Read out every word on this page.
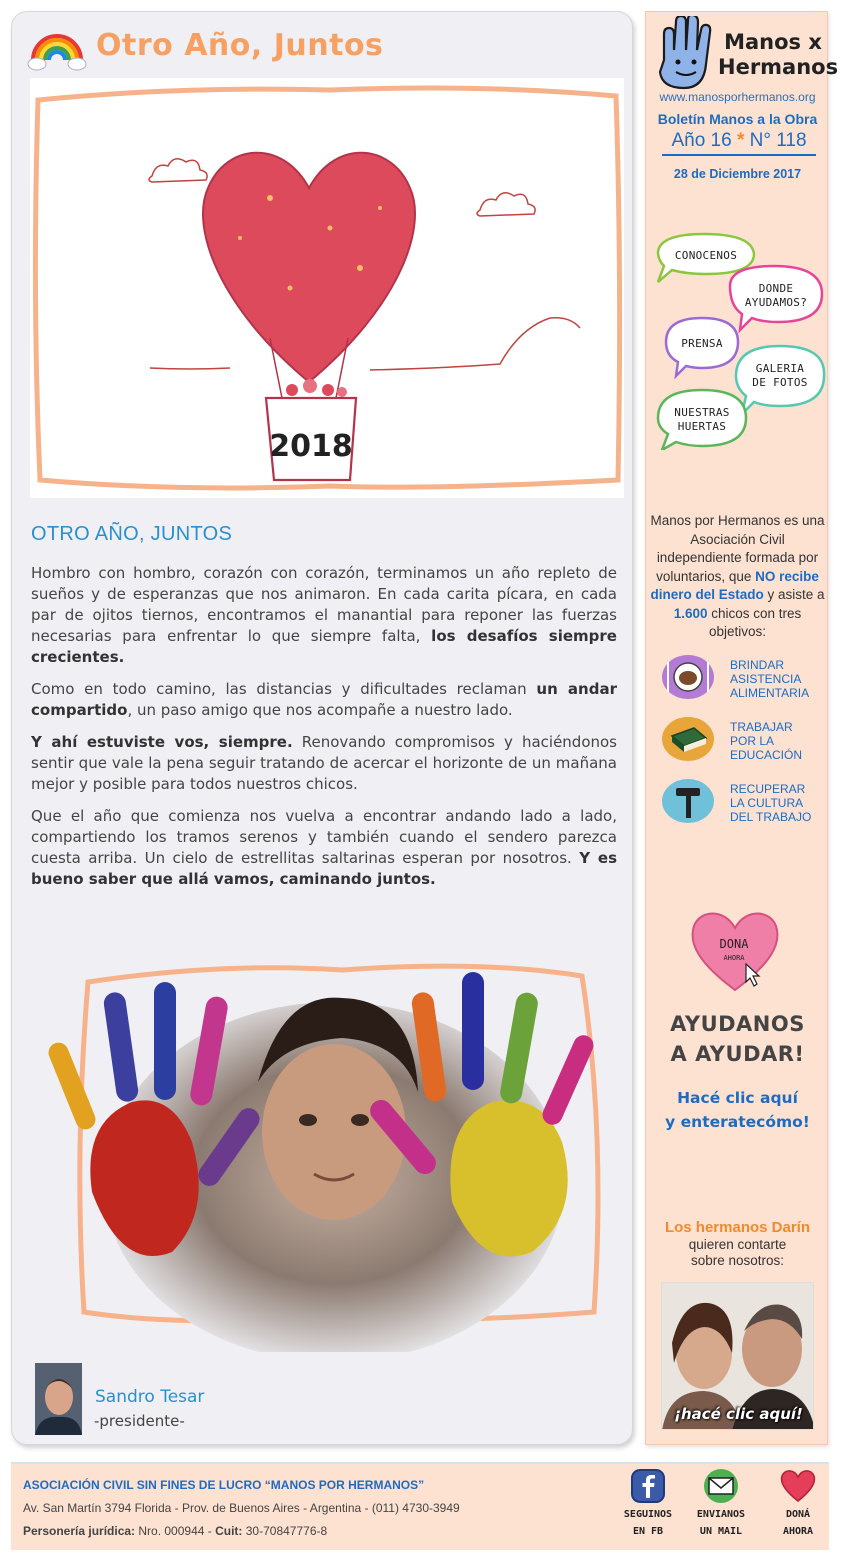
Otro Año, Juntos
2018
OTRO AÑO, JUNTOS

Hombro con hombro, corazón con corazón, terminamos un año repleto de sueños y de esperanzas que nos animaron. En cada carita pícara, en cada par de ojitos tiernos, encontramos el manantial para reponer las fuerzas necesarias para enfrentar lo que siempre falta, los desafíos siempre crecientes.

Como en todo camino, las distancias y dificultades reclaman un andar compartido, un paso amigo que nos acompañe a nuestro lado.

Y ahí estuviste vos, siempre. Renovando compromisos y haciéndonos sentir que vale la pena seguir tratando de acercar el horizonte de un mañana mejor y posible para todos nuestros chicos.

Que el año que comienza nos vuelva a encontrar andando lado a lado, compartiendo los tramos serenos y también cuando el sendero parezca cuesta arriba. Un cielo de estrellitas saltarinas esperan por nosotros. Y es bueno saber que allá vamos, caminando juntos.

Sandro Tesar
-presidente-
Manos x
Hermanos
www.manosporhermanos.org
Boletín Manos a la Obra
Año 16 * N° 118
28 de Diciembre 2017
CONOCENOS
DONDE
AYUDAMOS?
PRENSA
GALERIA
DE FOTOS
NUESTRAS
HUERTAS
Manos por Hermanos es una Asociación Civil independiente formada por voluntarios, que NO recibe dinero del Estado y asiste a 1.600 chicos con tres objetivos:
BRINDAR
ASISTENCIA
ALIMENTARIA
TRABAJAR
POR LA
EDUCACIÓN
RECUPERAR
LA CULTURA
DEL TRABAJO
DONA
AHORA
AYUDANOS
A AYUDAR!
Hacé clic aquí
y enteratecómo!
Los hermanos Darín
quieren contarte
sobre nosotros:
¡hacé clic aquí!
ASOCIACIÓN CIVIL SIN FINES DE LUCRO “MANOS POR HERMANOS”
Av. San Martín 3794 Florida - Prov. de Buenos Aires - Argentina - (011) 4730-3949
Personería jurídica: Nro. 000944 - Cuit: 30-70847776-8
SEGUINOS
EN FB
ENVIANOS
UN MAIL
DONÁ
AHORA
